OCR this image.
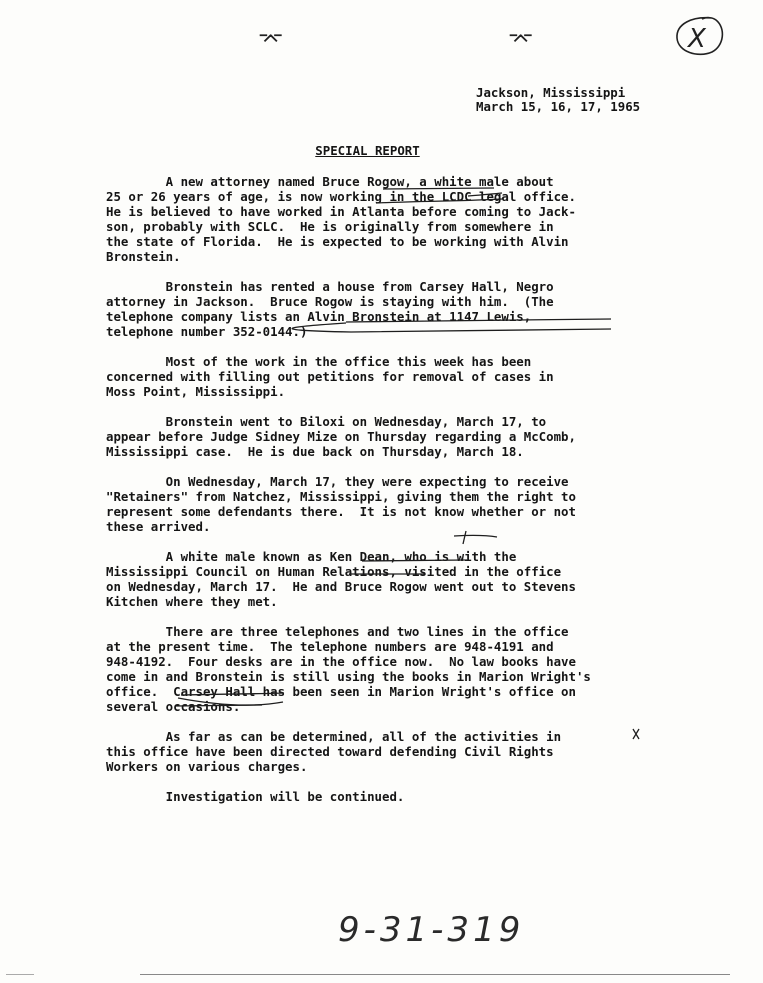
⌤	⌤	X
Jackson, Mississippi
March 15, 16, 17, 1965
SPECIAL REPORT

A new attorney named Bruce Rogow, a white male about
25 or 26 years of age, is now working in the LCDC legal office.
He is believed to have worked in Atlanta before coming to Jack-
son, probably with SCLC.  He is originally from somewhere in
the state of Florida.  He is expected to be working with Alvin
Bronstein.

Bronstein has rented a house from Carsey Hall, Negro
attorney in Jackson.  Bruce Rogow is staying with him.  (The
telephone company lists an Alvin Bronstein at 1147 Lewis,
telephone number 352-0144.)

Most of the work in the office this week has been
concerned with filling out petitions for removal of cases in
Moss Point, Mississippi.

Bronstein went to Biloxi on Wednesday, March 17, to
appear before Judge Sidney Mize on Thursday regarding a McComb,
Mississippi case.  He is due back on Thursday, March 18.

On Wednesday, March 17, they were expecting to receive
"Retainers" from Natchez, Mississippi, giving them the right to
represent some defendants there.  It is not know whether or not
these arrived.

A white male known as Ken Dean, who is with the
Mississippi Council on Human Relations, visited in the office
on Wednesday, March 17.  He and Bruce Rogow went out to Stevens
Kitchen where they met.

There are three telephones and two lines in the office
at the present time.  The telephone numbers are 948-4191 and
948-4192.  Four desks are in the office now.  No law books have
come in and Bronstein is still using the books in Marion Wright's
office.  Carsey Hall has been seen in Marion Wright's office on
several occasions.

As far as can be determined, all of the activities in
this office have been directed toward defending Civil Rights
Workers on various charges.

Investigation will be continued.

9-31-319
